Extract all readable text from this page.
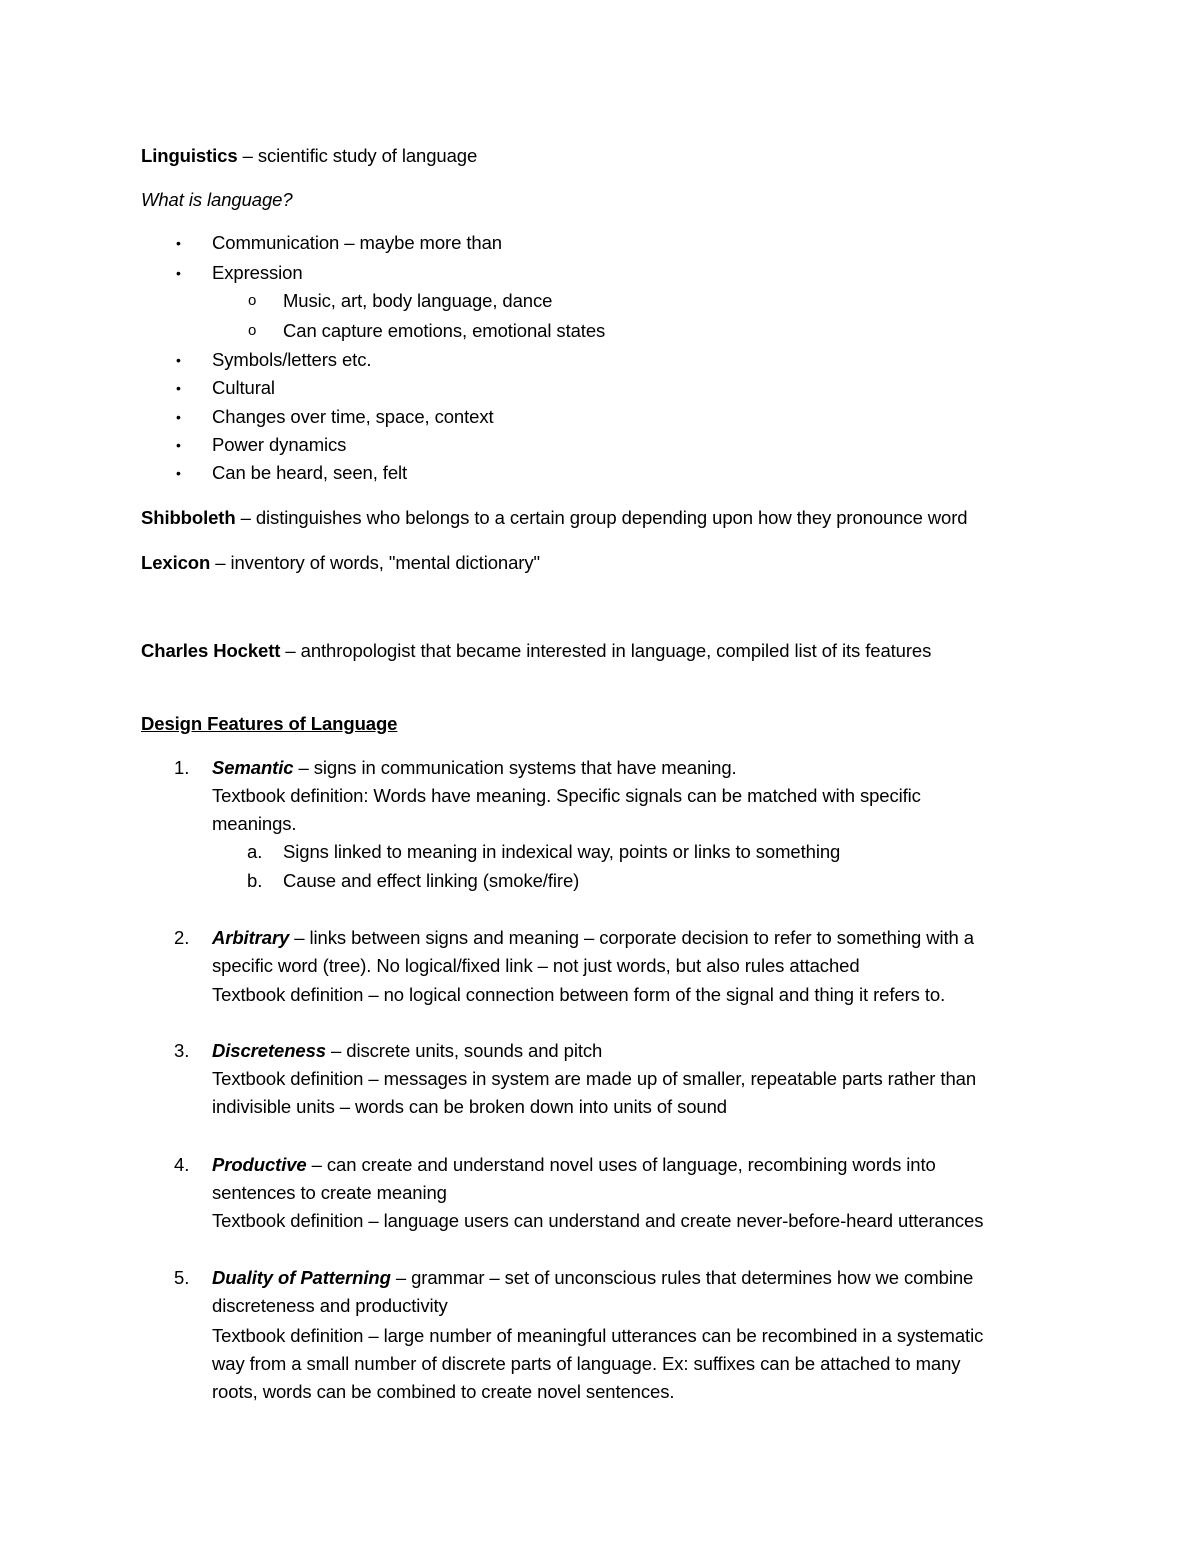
Linguistics – scientific study of language
What is language?
• Communication – maybe more than
• Expression
o Music, art, body language, dance
o Can capture emotions, emotional states
• Symbols/letters etc.
• Cultural
• Changes over time, space, context
• Power dynamics
• Can be heard, seen, felt
Shibboleth – distinguishes who belongs to a certain group depending upon how they pronounce word
Lexicon – inventory of words, "mental dictionary"
Charles Hockett – anthropologist that became interested in language, compiled list of its features
Design Features of Language
1. Semantic – signs in communication systems that have meaning.
Textbook definition: Words have meaning. Specific signals can be matched with specific
meanings.
a. Signs linked to meaning in indexical way, points or links to something
b. Cause and effect linking (smoke/fire)
2. Arbitrary – links between signs and meaning – corporate decision to refer to something with a
specific word (tree). No logical/fixed link – not just words, but also rules attached
Textbook definition – no logical connection between form of the signal and thing it refers to.
3. Discreteness – discrete units, sounds and pitch
Textbook definition – messages in system are made up of smaller, repeatable parts rather than
indivisible units – words can be broken down into units of sound
4. Productive – can create and understand novel uses of language, recombining words into
sentences to create meaning
Textbook definition – language users can understand and create never-before-heard utterances
5. Duality of Patterning – grammar – set of unconscious rules that determines how we combine
discreteness and productivity
Textbook definition – large number of meaningful utterances can be recombined in a systematic
way from a small number of discrete parts of language. Ex: suffixes can be attached to many
roots, words can be combined to create novel sentences.
